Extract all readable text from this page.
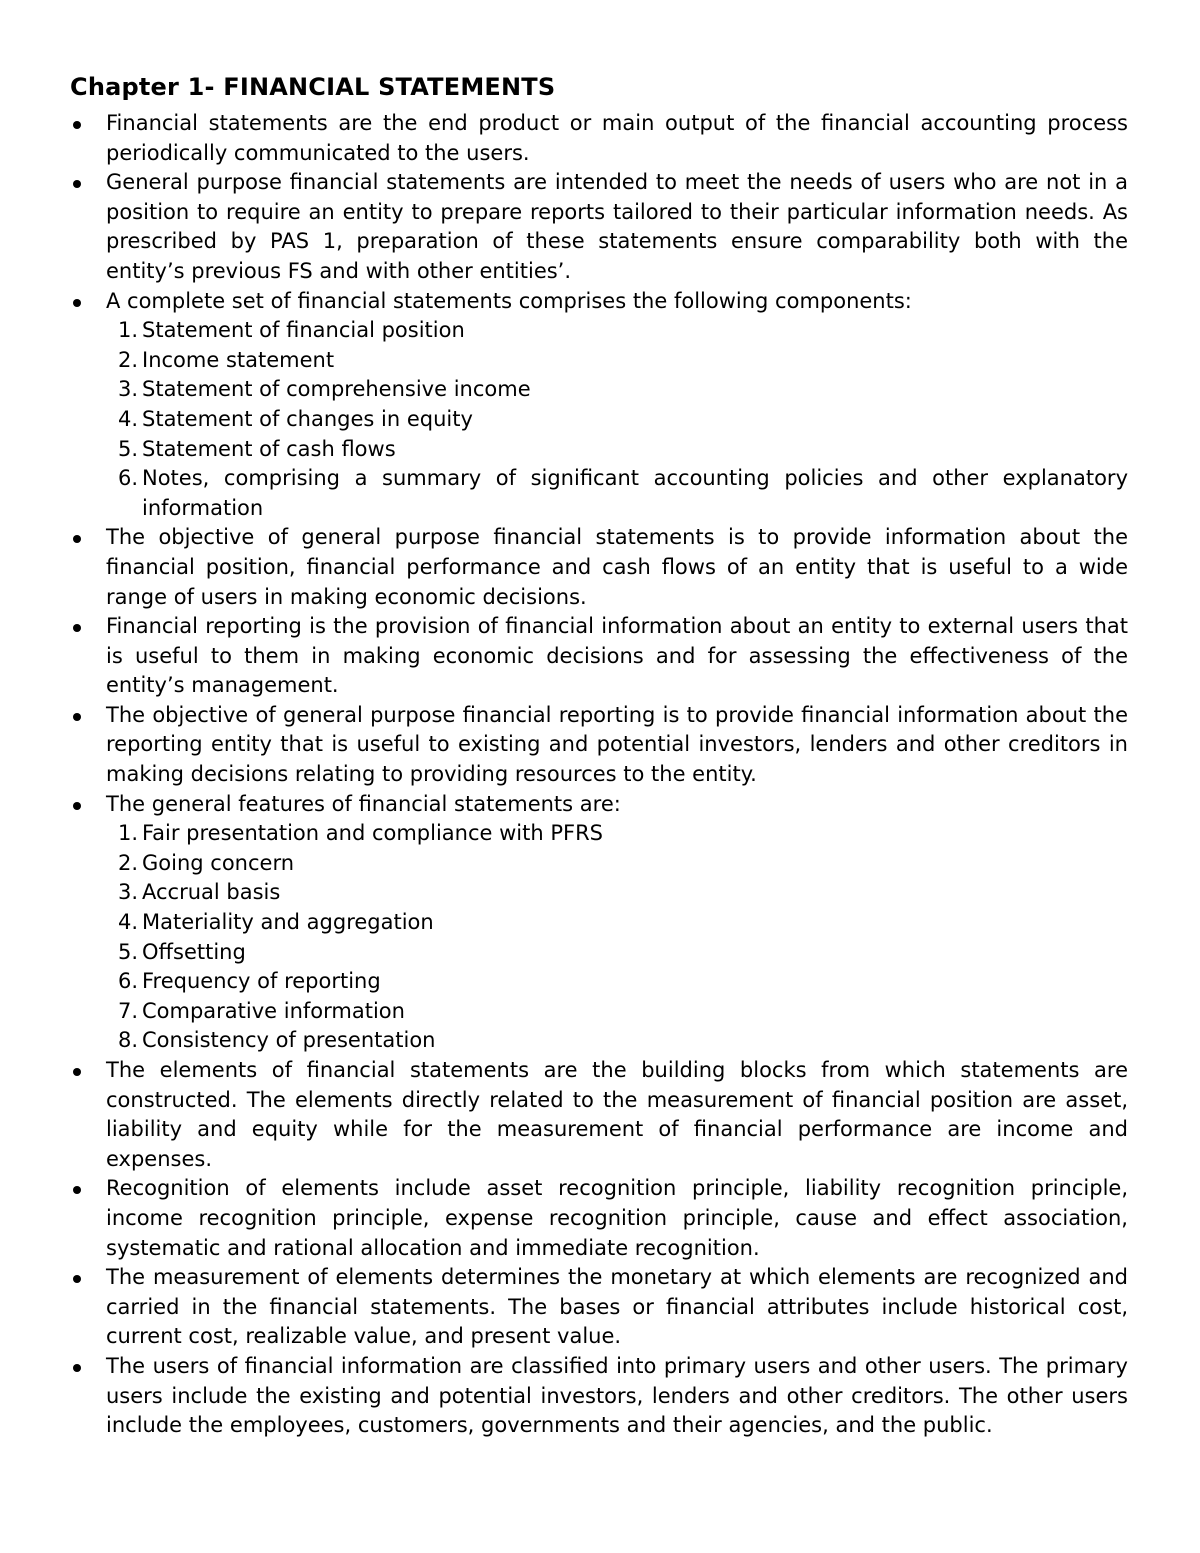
Chapter 1- FINANCIAL STATEMENTS
Financial statements are the end product or main output of the financial accounting process periodically communicated to the users.
General purpose financial statements are intended to meet the needs of users who are not in a position to require an entity to prepare reports tailored to their particular information needs. As prescribed by PAS 1, preparation of these statements ensure comparability both with the entity’s previous FS and with other entities’.
A complete set of financial statements comprises the following components:
1. Statement of financial position
2. Income statement
3. Statement of comprehensive income
4. Statement of changes in equity
5. Statement of cash flows
6. Notes, comprising a summary of significant accounting policies and other explanatory information
The objective of general purpose financial statements is to provide information about the financial position, financial performance and cash flows of an entity that is useful to a wide range of users in making economic decisions.
Financial reporting is the provision of financial information about an entity to external users that is useful to them in making economic decisions and for assessing the effectiveness of the entity’s management.
The objective of general purpose financial reporting is to provide financial information about the reporting entity that is useful to existing and potential investors, lenders and other creditors in making decisions relating to providing resources to the entity.
The general features of financial statements are:
1. Fair presentation and compliance with PFRS
2. Going concern
3. Accrual basis
4. Materiality and aggregation
5. Offsetting
6. Frequency of reporting
7. Comparative information
8. Consistency of presentation
The elements of financial statements are the building blocks from which statements are constructed. The elements directly related to the measurement of financial position are asset, liability and equity while for the measurement of financial performance are income and expenses.
Recognition of elements include asset recognition principle, liability recognition principle, income recognition principle, expense recognition principle, cause and effect association, systematic and rational allocation and immediate recognition.
The measurement of elements determines the monetary at which elements are recognized and carried in the financial statements. The bases or financial attributes include historical cost, current cost, realizable value, and present value.
The users of financial information are classified into primary users and other users. The primary users include the existing and potential investors, lenders and other creditors. The other users include the employees, customers, governments and their agencies, and the public.
